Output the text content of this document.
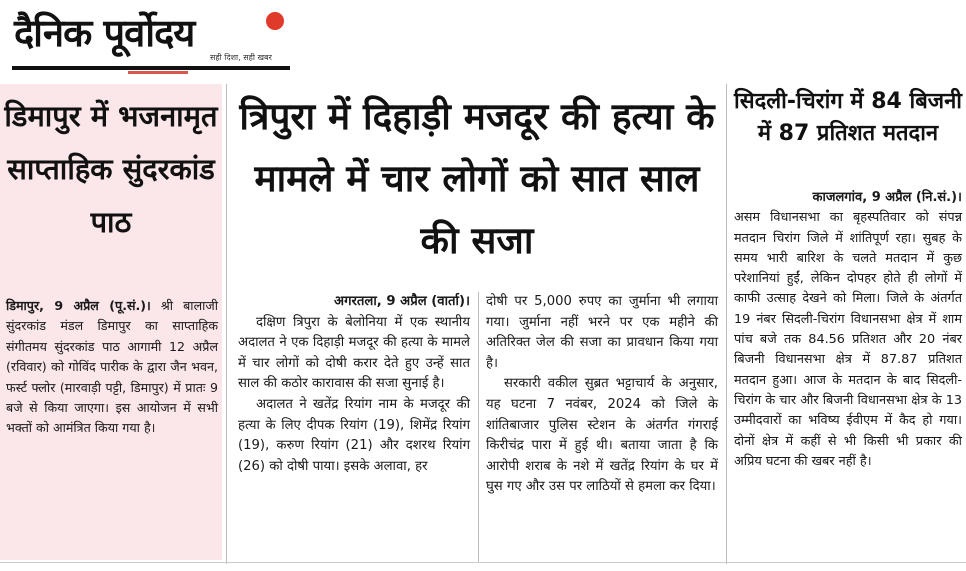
दैनिक पूर्वोदय
सही दिशा, सही खबर
डिमापुर में भजनामृत साप्ताहिक सुंदरकांड पाठ
डिमापुर, 9 अप्रैल (पू.सं.)। श्री बालाजी सुंदरकांड मंडल डिमापुर का साप्ताहिक संगीतमय सुंदरकांड पाठ आगामी 12 अप्रैल (रविवार) को गोविंद पारीक के द्वारा जैन भवन, फर्स्ट फ्लोर (मारवाड़ी पट्टी, डिमापुर) में प्रातः 9 बजे से किया जाएगा। इस आयोजन में सभी भक्तों को आमंत्रित किया गया है।
त्रिपुरा में दिहाड़ी मजदूर की हत्या के मामले में चार लोगों को सात साल की सजा

अगरतला, 9 अप्रैल (वार्ता)।

दक्षिण त्रिपुरा के बेलोनिया में एक स्थानीय अदालत ने एक दिहाड़ी मजदूर की हत्या के मामले में चार लोगों को दोषी करार देते हुए उन्हें सात साल की कठोर कारावास की सजा सुनाई है।

अदालत ने खतेंद्र रियांग नाम के मजदूर की हत्या के लिए दीपक रियांग (19), शिमेंद्र रियांग (19), करुण रियांग (21) और दशरथ रियांग (26) को दोषी पाया। इसके अलावा, हर

दोषी पर 5,000 रुपए का जुर्माना भी लगाया गया। जुर्माना नहीं भरने पर एक महीने की अतिरिक्त जेल की सजा का प्रावधान किया गया है।

सरकारी वकील सुब्रत भट्टाचार्य के अनुसार, यह घटना 7 नवंबर, 2024 को जिले के शांतिबाजार पुलिस स्टेशन के अंतर्गत गंगराई किरीचंद्र पारा में हुई थी। बताया जाता है कि आरोपी शराब के नशे में खतेंद्र रियांग के घर में घुस गए और उस पर लाठियों से हमला कर दिया।

सिदली-चिरांग में 84 बिजनी में 87 प्रतिशत मतदान
काजलगांव, 9 अप्रैल (नि.सं.)।
असम विधानसभा का बृहस्पतिवार को संपन्न मतदान चिरांग जिले में शांतिपूर्ण रहा। सुबह के समय भारी बारिश के चलते मतदान में कुछ परेशानियां हुईं, लेकिन दोपहर होते ही लोगों में काफी उत्साह देखने को मिला। जिले के अंतर्गत 19 नंबर सिदली-चिरांग विधानसभा क्षेत्र में शाम पांच बजे तक 84.56 प्रतिशत और 20 नंबर बिजनी विधानसभा क्षेत्र में 87.87 प्रतिशत मतदान हुआ। आज के मतदान के बाद सिदली-चिरांग के चार और बिजनी विधानसभा क्षेत्र के 13 उम्मीदवारों का भविष्य ईवीएम में कैद हो गया। दोनों क्षेत्र में कहीं से भी किसी भी प्रकार की अप्रिय घटना की खबर नहीं है।
